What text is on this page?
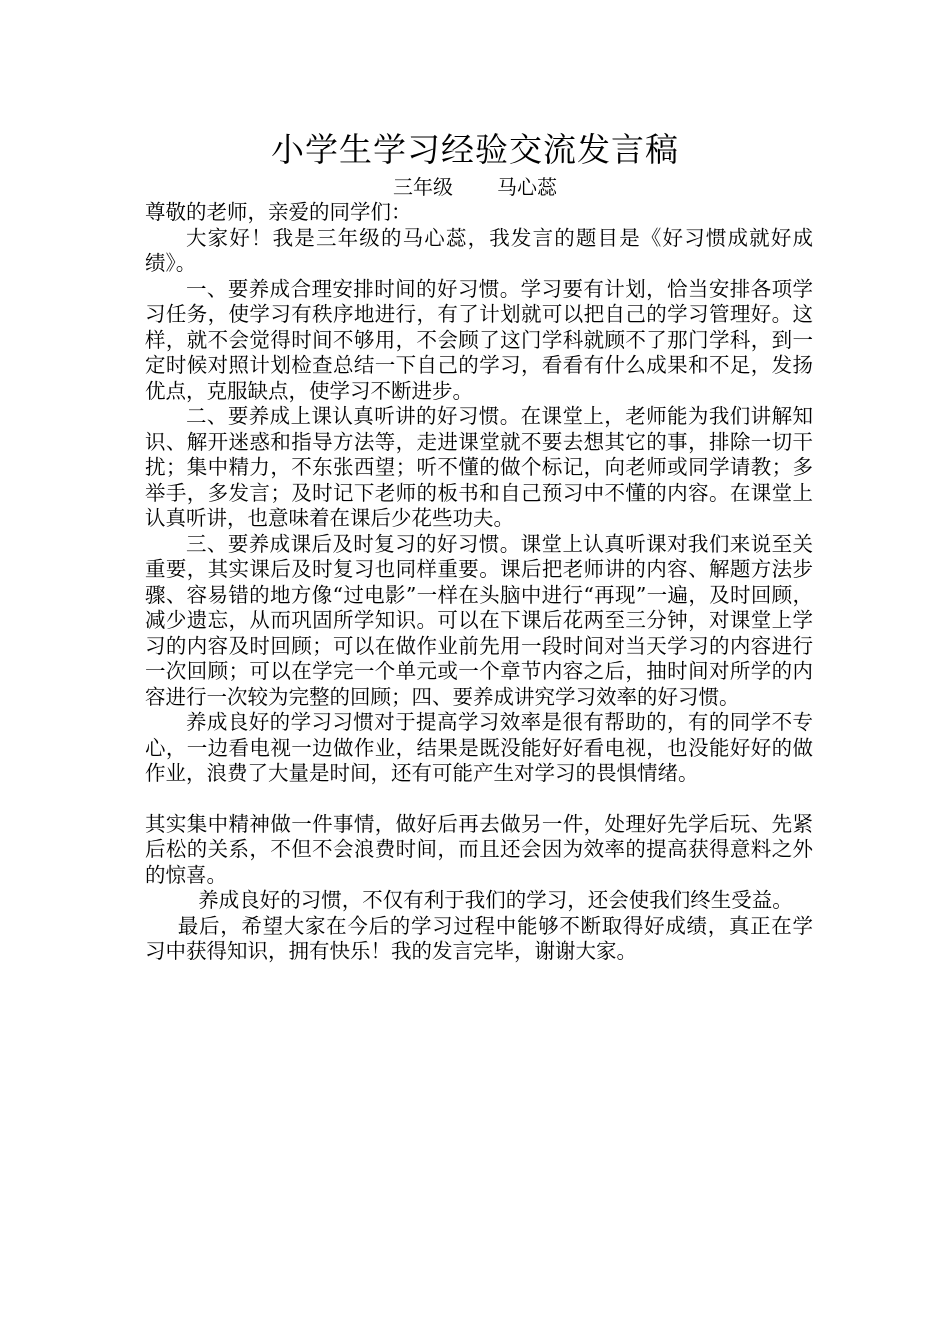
小学生学习经验交流发言稿
三年级 马心蕊

尊敬的老师，亲爱的同学们：

大家好！我是三年级的马心蕊，我发言的题目是《好习惯成就好成绩》。

一、要养成合理安排时间的好习惯。学习要有计划，恰当安排各项学习任务，使学习有秩序地进行，有了计划就可以把自己的学习管理好。这样，就不会觉得时间不够用，不会顾了这门学科就顾不了那门学科，到一定时候对照计划检查总结一下自己的学习，看看有什么成果和不足，发扬优点，克服缺点，使学习不断进步。

二、要养成上课认真听讲的好习惯。在课堂上，老师能为我们讲解知识、解开迷惑和指导方法等，走进课堂就不要去想其它的事，排除一切干扰；集中精力，不东张西望；听不懂的做个标记，向老师或同学请教；多举手，多发言；及时记下老师的板书和自己预习中不懂的内容。在课堂上认真听讲，也意味着在课后少花些功夫。

三、要养成课后及时复习的好习惯。课堂上认真听课对我们来说至关重要，其实课后及时复习也同样重要。课后把老师讲的内容、解题方法步骤、容易错的地方像“过电影”一样在头脑中进行“再现”一遍，及时回顾，减少遗忘，从而巩固所学知识。可以在下课后花两至三分钟，对课堂上学习的内容及时回顾；可以在做作业前先用一段时间对当天学习的内容进行一次回顾；可以在学完一个单元或一个章节内容之后，抽时间对所学的内容进行一次较为完整的回顾；四、要养成讲究学习效率的好习惯。

养成良好的学习习惯对于提高学习效率是很有帮助的，有的同学不专心，一边看电视一边做作业，结果是既没能好好看电视，也没能好好的做作业，浪费了大量是时间，还有可能产生对学习的畏惧情绪。

其实集中精神做一件事情，做好后再去做另一件，处理好先学后玩、先紧后松的关系，不但不会浪费时间，而且还会因为效率的提高获得意料之外的惊喜。

养成良好的习惯，不仅有利于我们的学习，还会使我们终生受益。

最后，希望大家在今后的学习过程中能够不断取得好成绩，真正在学习中获得知识，拥有快乐！我的发言完毕，谢谢大家。
